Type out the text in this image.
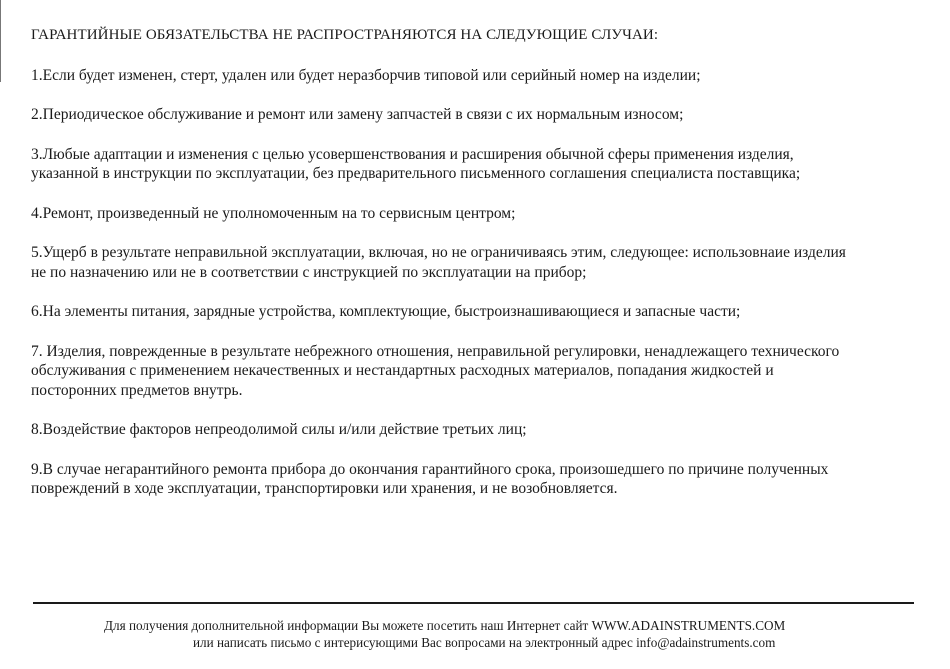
ГАРАНТИЙНЫЕ ОБЯЗАТЕЛЬСТВА НЕ РАСПРОСТРАНЯЮТСЯ НА СЛЕДУЮЩИЕ СЛУЧАИ:
1.Если будет изменен, стерт, удален или будет неразборчив типовой или серийный номер на изделии;
2.Периодическое обслуживание и ремонт или замену запчастей в связи с их нормальным износом;
3.Любые адаптации и изменения с целью усовершенствования и расширения обычной сферы применения изделия,
указанной в инструкции по эксплуатации, без предварительного письменного соглашения специалиста поставщика;
4.Ремонт, произведенный не уполномоченным на то сервисным центром;
5.Ущерб в результате неправильной эксплуатации, включая, но не ограничиваясь этим, следующее: использовнаие изделия
не по назначению или не в соответствии с инструкцией по эксплуатации на прибор;
6.На элементы питания, зарядные устройства, комплектующие, быстроизнашивающиеся и запасные части;
7. Изделия, поврежденные в результате небрежного отношения, неправильной регулировки, ненадлежащего технического
обслуживания с применением некачественных и нестандартных расходных материалов, попадания жидкостей и
посторонних предметов внутрь.
8.Воздействие факторов непреодолимой силы и/или действие третьих лиц;
9.В случае негарантийного ремонта прибора до окончания гарантийного срока, произошедшего по причине полученных
повреждений в ходе эксплуатации, транспортировки или хранения, и не возобновляется.
Для получения дополнительной информации Вы можете посетить наш Интернет сайт WWW.ADAINSTRUMENTS.COM
или написать письмо с интерисующими Вас вопросами на электронный адрес info@adainstruments.com
